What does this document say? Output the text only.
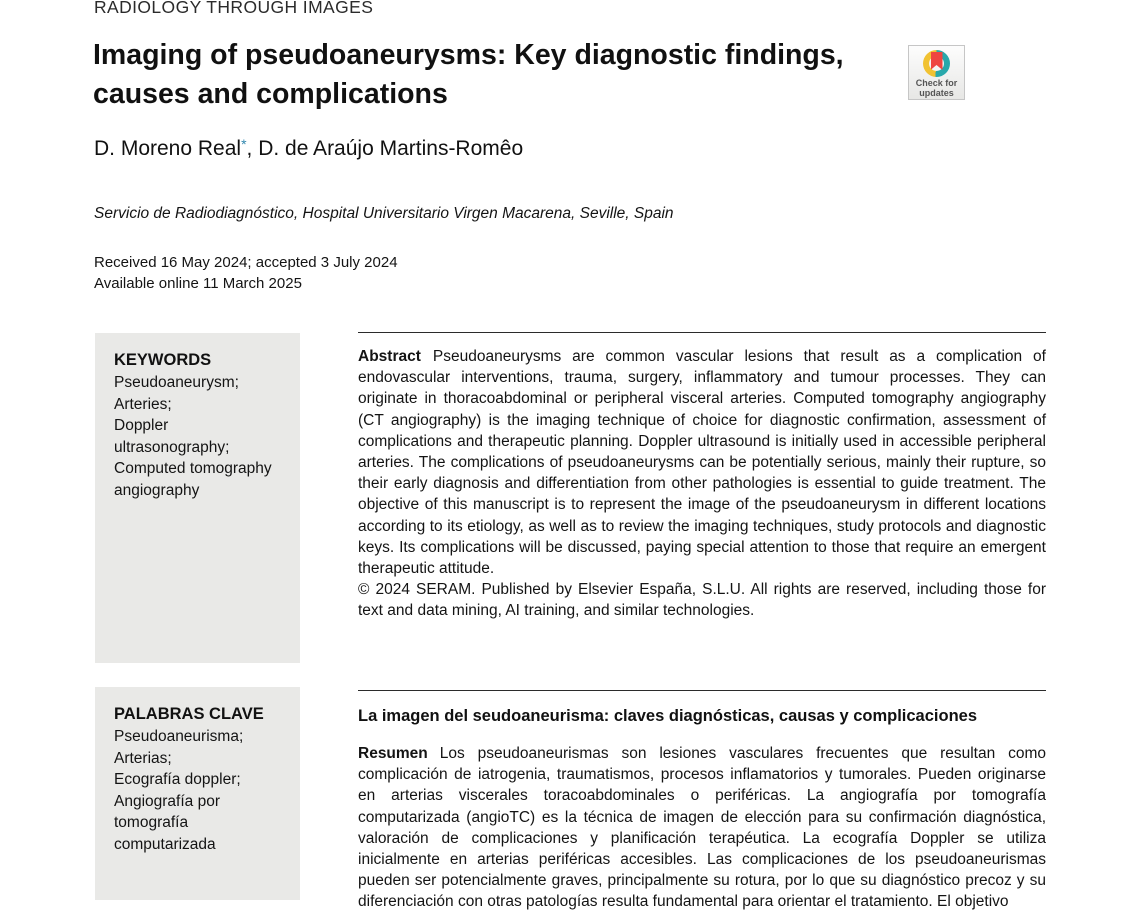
RADIOLOGY THROUGH IMAGES
Imaging of pseudoaneurysms: Key diagnostic findings, causes and complications	Check for
updates
D. Moreno Real*, D. de Araújo Martins-Romêo
Servicio de Radiodiagnóstico, Hospital Universitario Virgen Macarena, Seville, Spain
Received 16 May 2024; accepted 3 July 2024
Available online 11 March 2025
KEYWORDS
Pseudoaneurysm;
Arteries;
Doppler ultrasonography;
Computed tomography angiography
Abstract Pseudoaneurysms are common vascular lesions that result as a complication of endovascular interventions, trauma, surgery, inflammatory and tumour processes. They can originate in thoracoabdominal or peripheral visceral arteries. Computed tomography angiography (CT angiography) is the imaging technique of choice for diagnostic confirmation, assessment of complications and therapeutic planning. Doppler ultrasound is initially used in accessible peripheral arteries. The complications of pseudoaneurysms can be potentially serious, mainly their rupture, so their early diagnosis and differentiation from other pathologies is essential to guide treatment. The objective of this manuscript is to represent the image of the pseudoaneurysm in different locations according to its etiology, as well as to review the imaging techniques, study protocols and diagnostic keys. Its complications will be discussed, paying special attention to those that require an emergent therapeutic attitude.
© 2024 SERAM. Published by Elsevier España, S.L.U. All rights are reserved, including those for text and data mining, AI training, and similar technologies.
PALABRAS CLAVE
Pseudoaneurisma;
Arterias;
Ecografía doppler;
Angiografía por tomografía computarizada
La imagen del seudoaneurisma: claves diagnósticas, causas y complicaciones
Resumen Los pseudoaneurismas son lesiones vasculares frecuentes que resultan como complicación de iatrogenia, traumatismos, procesos inflamatorios y tumorales. Pueden originarse en arterias viscerales toracoabdominales o periféricas. La angiografía por tomografía computarizada (angioTC) es la técnica de imagen de elección para su confirmación diagnóstica, valoración de complicaciones y planificación terapéutica. La ecografía Doppler se utiliza inicialmente en arterias periféricas accesibles. Las complicaciones de los pseudoaneurismas pueden ser potencialmente graves, principalmente su rotura, por lo que su diagnóstico precoz y su diferenciación con otras patologías resulta fundamental para orientar el tratamiento. El objetivo
